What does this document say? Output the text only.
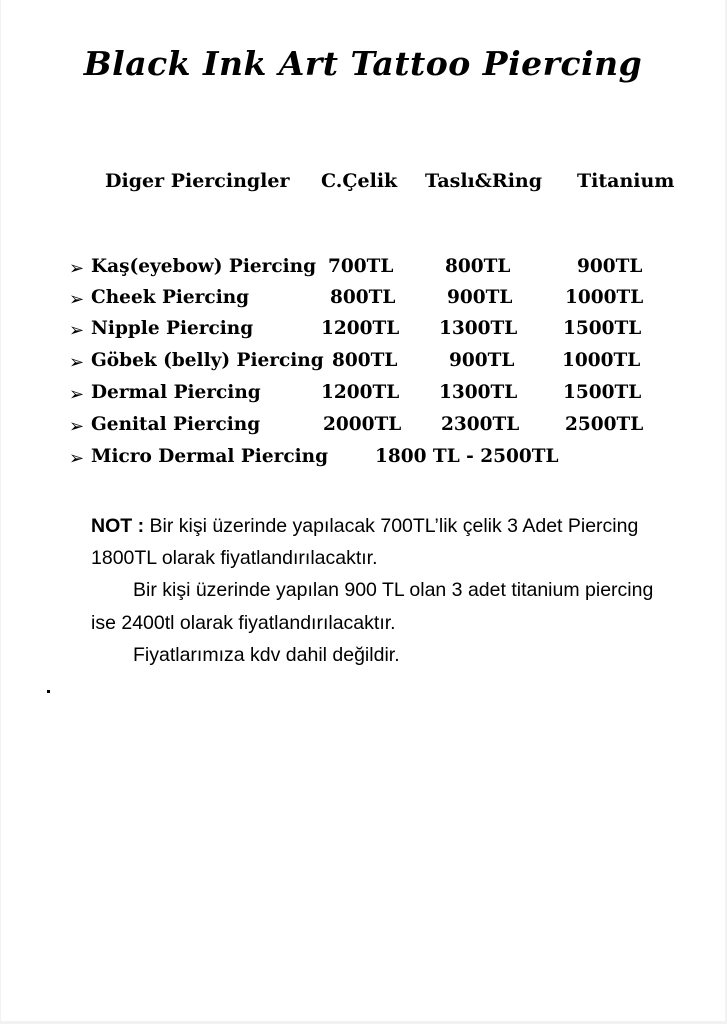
Black Ink Art Tattoo Piercing
Diger Piercingler C.Çelik Taslı&Ring Titanium
➢ Kaş(eyebow) Piercing 700TL	800TL	900TL
➢ Cheek Piercing	800TL	900TL	1000TL
➢ Nipple Piercing	1200TL 1300TL 1500TL
➢ Göbek (belly) Piercing 800TL	900TL	1000TL
➢ Dermal Piercing	1200TL 1300TL 1500TL
➢ Genital Piercing	2000TL 2300TL 2500TL
➢ Micro Dermal Piercing	1800 TL - 2500TL

NOT : Bir kişi üzerinde yapılacak 700TL’lik çelik 3 Adet Piercing 1800TL olarak fiyatlandırılacaktır.

Bir kişi üzerinde yapılan 900 TL olan 3 adet titanium piercing ise 2400tl olarak fiyatlandırılacaktır.

Fiyatlarımıza kdv dahil değildir.
